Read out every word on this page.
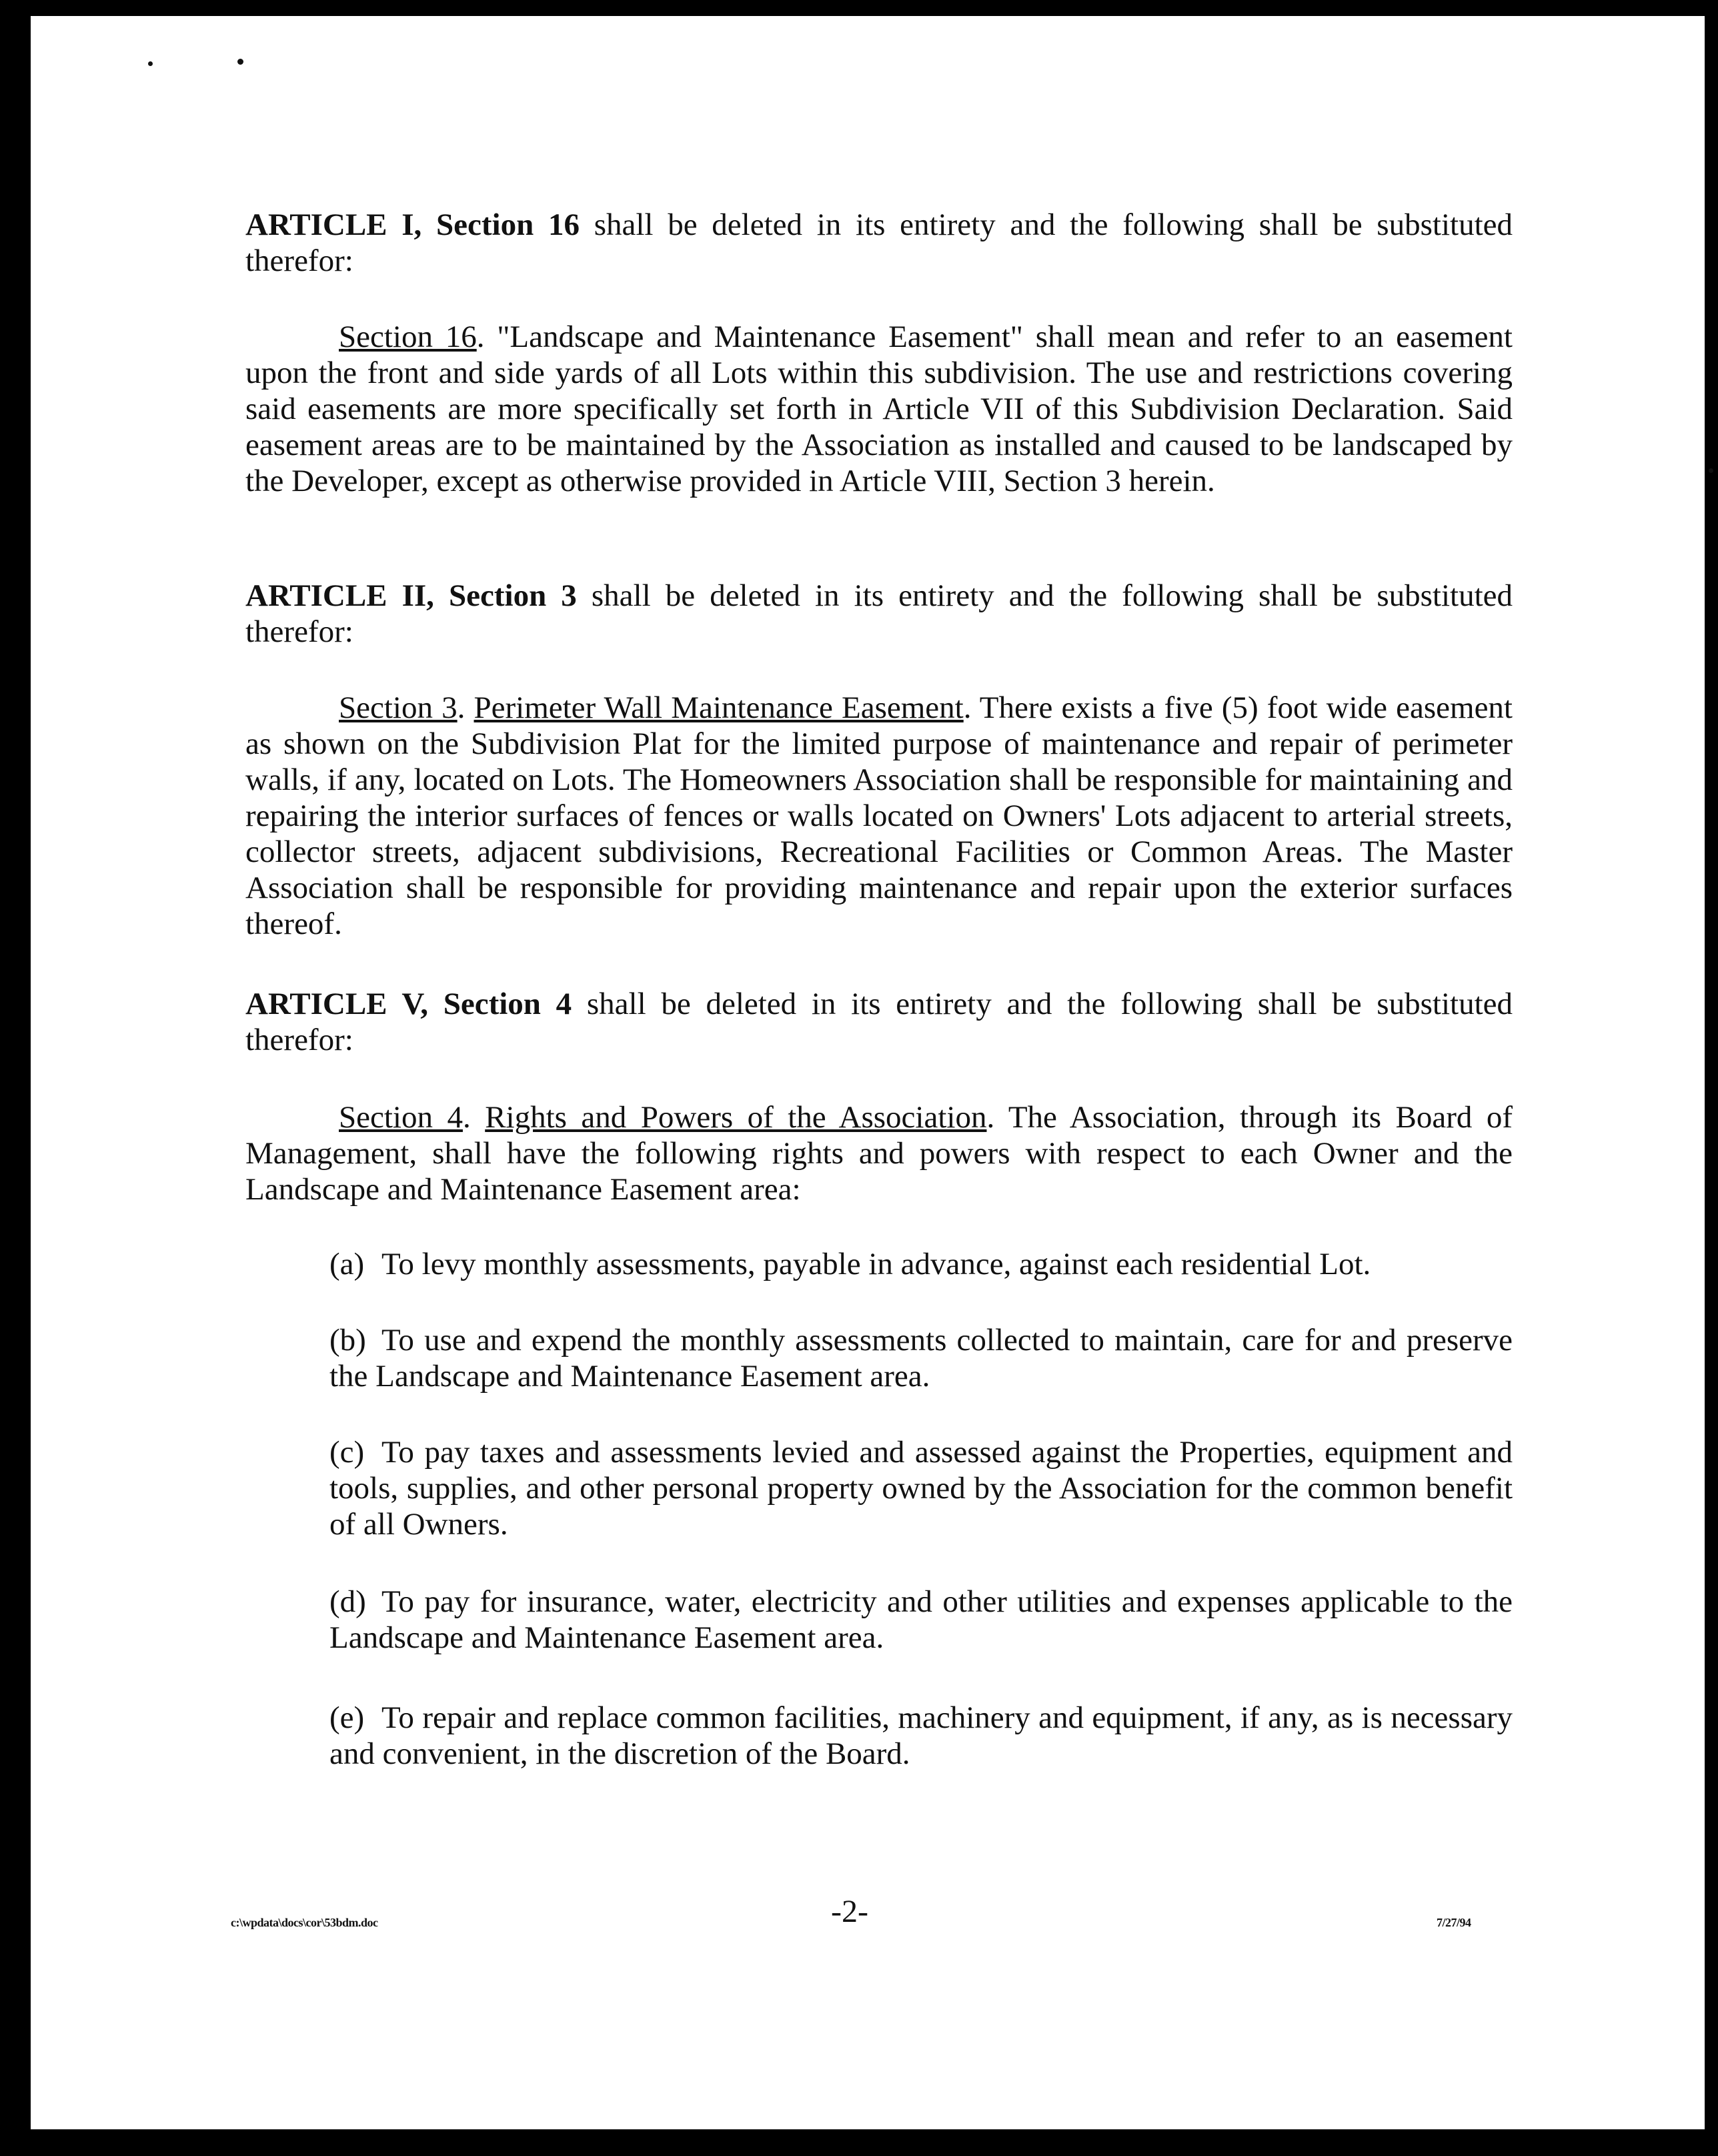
ARTICLE I, Section 16 shall be deleted in its entirety and the following shall be substituted therefor:
Section 16. "Landscape and Maintenance Easement" shall mean and refer to an easement upon the front and side yards of all Lots within this subdivision. The use and restrictions covering said easements are more specifically set forth in Article VII of this Subdivision Declaration. Said easement areas are to be maintained by the Association as installed and caused to be landscaped by the Developer, except as otherwise provided in Article VIII, Section 3 herein.
ARTICLE II, Section 3 shall be deleted in its entirety and the following shall be substituted therefor:
Section 3. Perimeter Wall Maintenance Easement. There exists a five (5) foot wide easement as shown on the Subdivision Plat for the limited purpose of maintenance and repair of perimeter walls, if any, located on Lots. The Homeowners Association shall be responsible for maintaining and repairing the interior surfaces of fences or walls located on Owners' Lots adjacent to arterial streets, collector streets, adjacent subdivisions, Recreational Facilities or Common Areas. The Master Association shall be responsible for providing maintenance and repair upon the exterior surfaces thereof.
ARTICLE V, Section 4 shall be deleted in its entirety and the following shall be substituted therefor:
Section 4. Rights and Powers of the Association. The Association, through its Board of Management, shall have the following rights and powers with respect to each Owner and the Landscape and Maintenance Easement area:
(a) To levy monthly assessments, payable in advance, against each residential Lot.
(b) To use and expend the monthly assessments collected to maintain, care for and preserve the Landscape and Maintenance Easement area.
(c) To pay taxes and assessments levied and assessed against the Properties, equipment and tools, supplies, and other personal property owned by the Association for the common benefit of all Owners.
(d) To pay for insurance, water, electricity and other utilities and expenses applicable to the Landscape and Maintenance Easement area.
(e) To repair and replace common facilities, machinery and equipment, if any, as is necessary and convenient, in the discretion of the Board.
c:\wpdata\docs\cor\53bdm.doc	-2-	7/27/94
